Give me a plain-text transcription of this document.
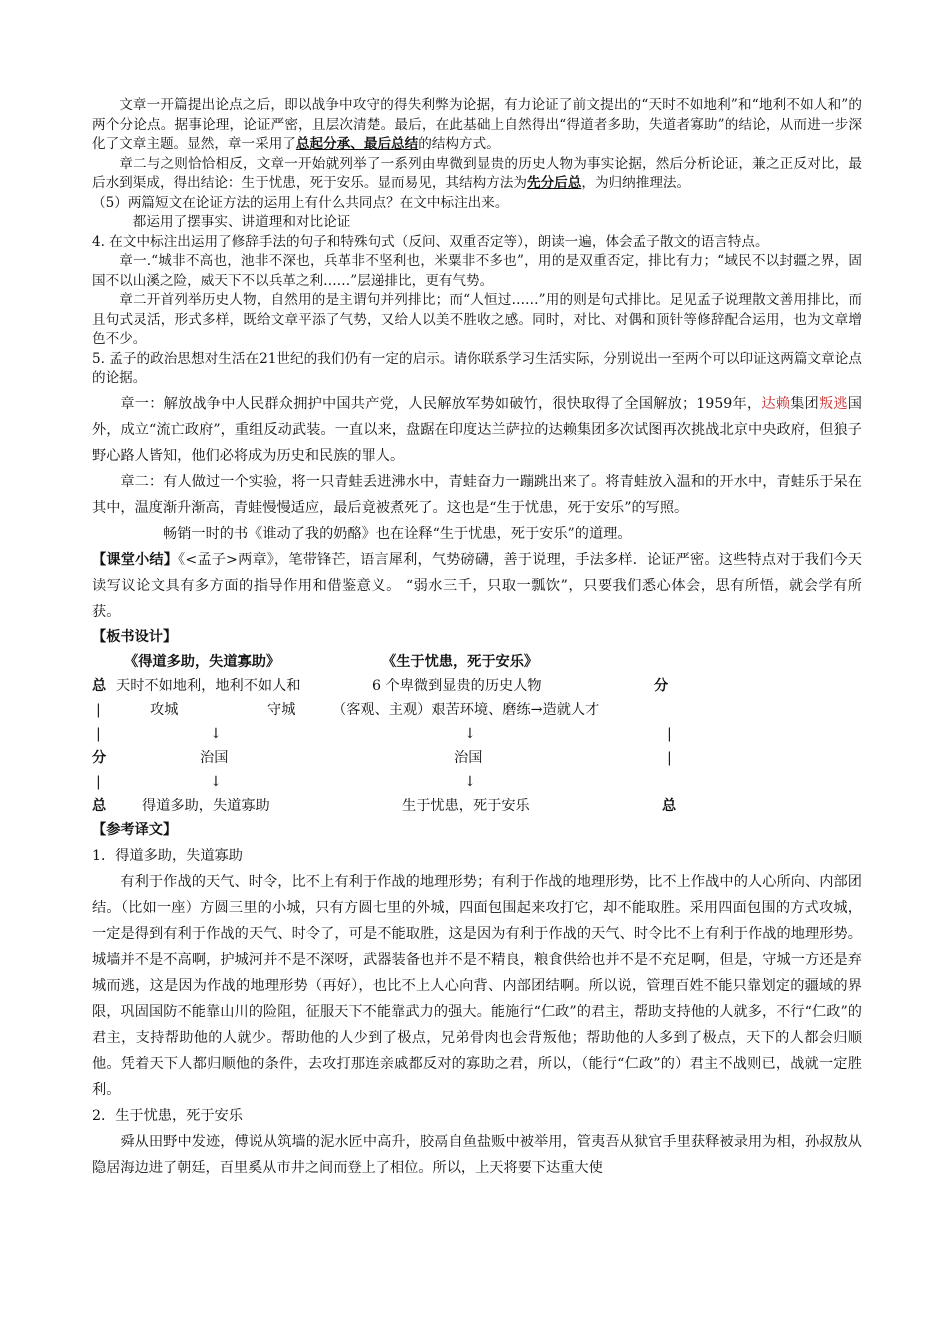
文章一开篇提出论点之后，即以战争中攻守的得失利弊为论据，有力论证了前文提出的“天时不如地利”和“地利不如人和”的两个分论点。据事论理，论证严密，且层次清楚。最后，在此基础上自然得出“得道者多助，失道者寡助”的结论，从而进一步深化了文章主题。显然，章一采用了总起分承、最后总结的结构方式。

章二与之则恰恰相反，文章一开始就列举了一系列由卑微到显贵的历史人物为事实论据，然后分析论证，兼之正反对比，最后水到渠成，得出结论：生于忧患，死于安乐。显而易见，其结构方法为先分后总，为归纳推理法。

（5）两篇短文在论证方法的运用上有什么共同点？在文中标注出来。

都运用了摆事实、讲道理和对比论证

4. 在文中标注出运用了修辞手法的句子和特殊句式（反问、双重否定等），朗读一遍，体会孟子散文的语言特点。

章一.“城非不高也，池非不深也，兵革非不坚利也，米粟非不多也”，用的是双重否定，排比有力；“域民不以封疆之界，固国不以山溪之险，威天下不以兵革之利……”层递排比，更有气势。

章二开首列举历史人物，自然用的是主谓句并列排比；而“人恒过……”用的则是句式排比。足见孟子说理散文善用排比，而且句式灵活，形式多样，既给文章平添了气势，又给人以美不胜收之感。同时，对比、对偶和顶针等修辞配合运用，也为文章增色不少。

5. 孟子的政治思想对生活在21世纪的我们仍有一定的启示。请你联系学习生活实际，分别说出一至两个可以印证这两篇文章论点的论据。

章一：解放战争中人民群众拥护中国共产党，人民解放军势如破竹，很快取得了全国解放；1959年，达赖集团叛逃国外，成立“流亡政府”，重组反动武装。一直以来，盘踞在印度达兰萨拉的达赖集团多次试图再次挑战北京中央政府，但狼子野心路人皆知，他们必将成为历史和民族的罪人。

章二：有人做过一个实验，将一只青蛙丢进沸水中，青蛙奋力一蹦跳出来了。将青蛙放入温和的开水中，青蛙乐于呆在其中，温度渐升渐高，青蛙慢慢适应，最后竟被煮死了。这也是“生于忧患，死于安乐”的写照。

畅销一时的书《谁动了我的奶酪》也在诠释“生于忧患，死于安乐”的道理。

【课堂小结】《<孟子>两章》，笔带锋芒，语言犀利，气势磅礴，善于说理，手法多样．论证严密。这些特点对于我们今天读写议论文具有多方面的指导作用和借鉴意义。 “弱水三千，只取一瓢饮”，只要我们悉心体会，思有所悟，就会学有所获。

【板书设计】

《得道多助，失道寡助》	《生于忧患，死于安乐》
总 天时不如地利，地利不如人和	6 个卑微到显贵的历史人物	分
|	攻城	守城	（客观、主观）艰苦环境、磨练→造就人才
|	↓	↓	|
分	治国	治国	|
|	↓	↓
总	得道多助，失道寡助	生于忧患，死于安乐	总

【参考译文】

1．得道多助，失道寡助

有利于作战的天气、时令，比不上有利于作战的地理形势；有利于作战的地理形势，比不上作战中的人心所向、内部团结。（比如一座）方圆三里的小城，只有方圆七里的外城，四面包围起来攻打它，却不能取胜。采用四面包围的方式攻城，一定是得到有利于作战的天气、时令了，可是不能取胜，这是因为有利于作战的天气、时令比不上有利于作战的地理形势。城墙并不是不高啊，护城河并不是不深呀，武器装备也并不是不精良，粮食供给也并不是不充足啊，但是，守城一方还是弃城而逃，这是因为作战的地理形势（再好），也比不上人心向背、内部团结啊。所以说，管理百姓不能只靠划定的疆域的界限，巩固国防不能靠山川的险阻，征服天下不能靠武力的强大。能施行“仁政”的君主，帮助支持他的人就多，不行“仁政”的君主，支持帮助他的人就少。帮助他的人少到了极点，兄弟骨肉也会背叛他；帮助他的人多到了极点，天下的人都会归顺他。凭着天下人都归顺他的条件，去攻打那连亲戚都反对的寡助之君，所以，（能行“仁政”的）君主不战则已，战就一定胜利。

2．生于忧患，死于安乐

舜从田野中发迹，傅说从筑墙的泥水匠中高升，胶鬲自鱼盐贩中被举用，管夷吾从狱官手里获释被录用为相，孙叔敖从隐居海边进了朝廷，百里奚从市井之间而登上了相位。所以，上天将要下达重大使
